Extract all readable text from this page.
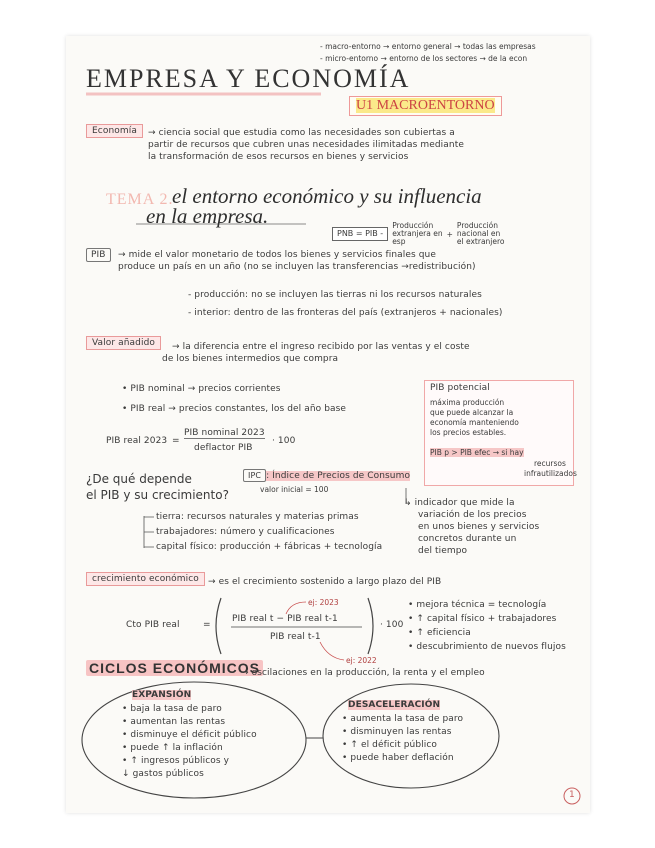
EMPRESA Y ECONOMÍA
- macro-entorno → entorno general → todas las empresas
- micro-entorno → entorno de los sectores → de la econ
U1 MACROENTORNO
Economía	→ ciencia social que estudia como las necesidades son cubiertas a
partir de recursos que cubren unas necesidades ilimitadas mediante
la transformación de esos recursos en bienes y servicios
TEMA 2.
el entorno económico y su influencia
en la empresa.
PNB = PIB -
Producción
extranjera en
esp
+
Producción
nacional en
el extranjero
PIB	→ mide el valor monetario de todos los bienes y servicios finales que
produce un país en un año (no se incluyen las transferencias →redistribución)
- producción: no se incluyen las tierras ni los recursos naturales
- interior: dentro de las fronteras del país (extranjeros + nacionales)
Valor añadido	→ la diferencia entre el ingreso recibido por las ventas y el coste
de los bienes intermedios que compra
• PIB nominal → precios corrientes
• PIB real → precios constantes, los del año base
PIB real 2023 =
PIB nominal 2023
deflactor PIB
· 100
PIB potencial
máxima producción
que puede alcanzar la
economía manteniendo
los precios estables.
PIB p > PIB efec → si hay
recursos
infrautilizados
IPC : Índice de Precios de Consumo
valor inicial = 100
↳ indicador que mide la
variación de los precios
en unos bienes y servicios
concretos durante un
del tiempo
¿De qué depende
el PIB y su crecimiento?
tierra: recursos naturales y materias primas
trabajadores: número y cualificaciones
capital físico: producción + fábricas + tecnología
crecimiento económico	→ es el crecimiento sostenido a largo plazo del PIB
Cto PIB real	=
PIB real t − PIB real t-1
PIB real t-1
· 100
ej: 2023
ej: 2022
• mejora técnica = tecnología
• ↑ capital físico + trabajadores
• ↑ eficiencia
• descubrimiento de nuevos flujos
CICLOS ECONÓMICOS
→ oscilaciones en la producción, la renta y el empleo
EXPANSIÓN
• baja la tasa de paro
• aumentan las rentas
• disminuye el déficit público
• puede ↑ la inflación
• ↑ ingresos públicos y
↓ gastos públicos
DESACELERACIÓN
• aumenta la tasa de paro
• disminuyen las rentas
• ↑ el déficit público
• puede haber deflación
1
